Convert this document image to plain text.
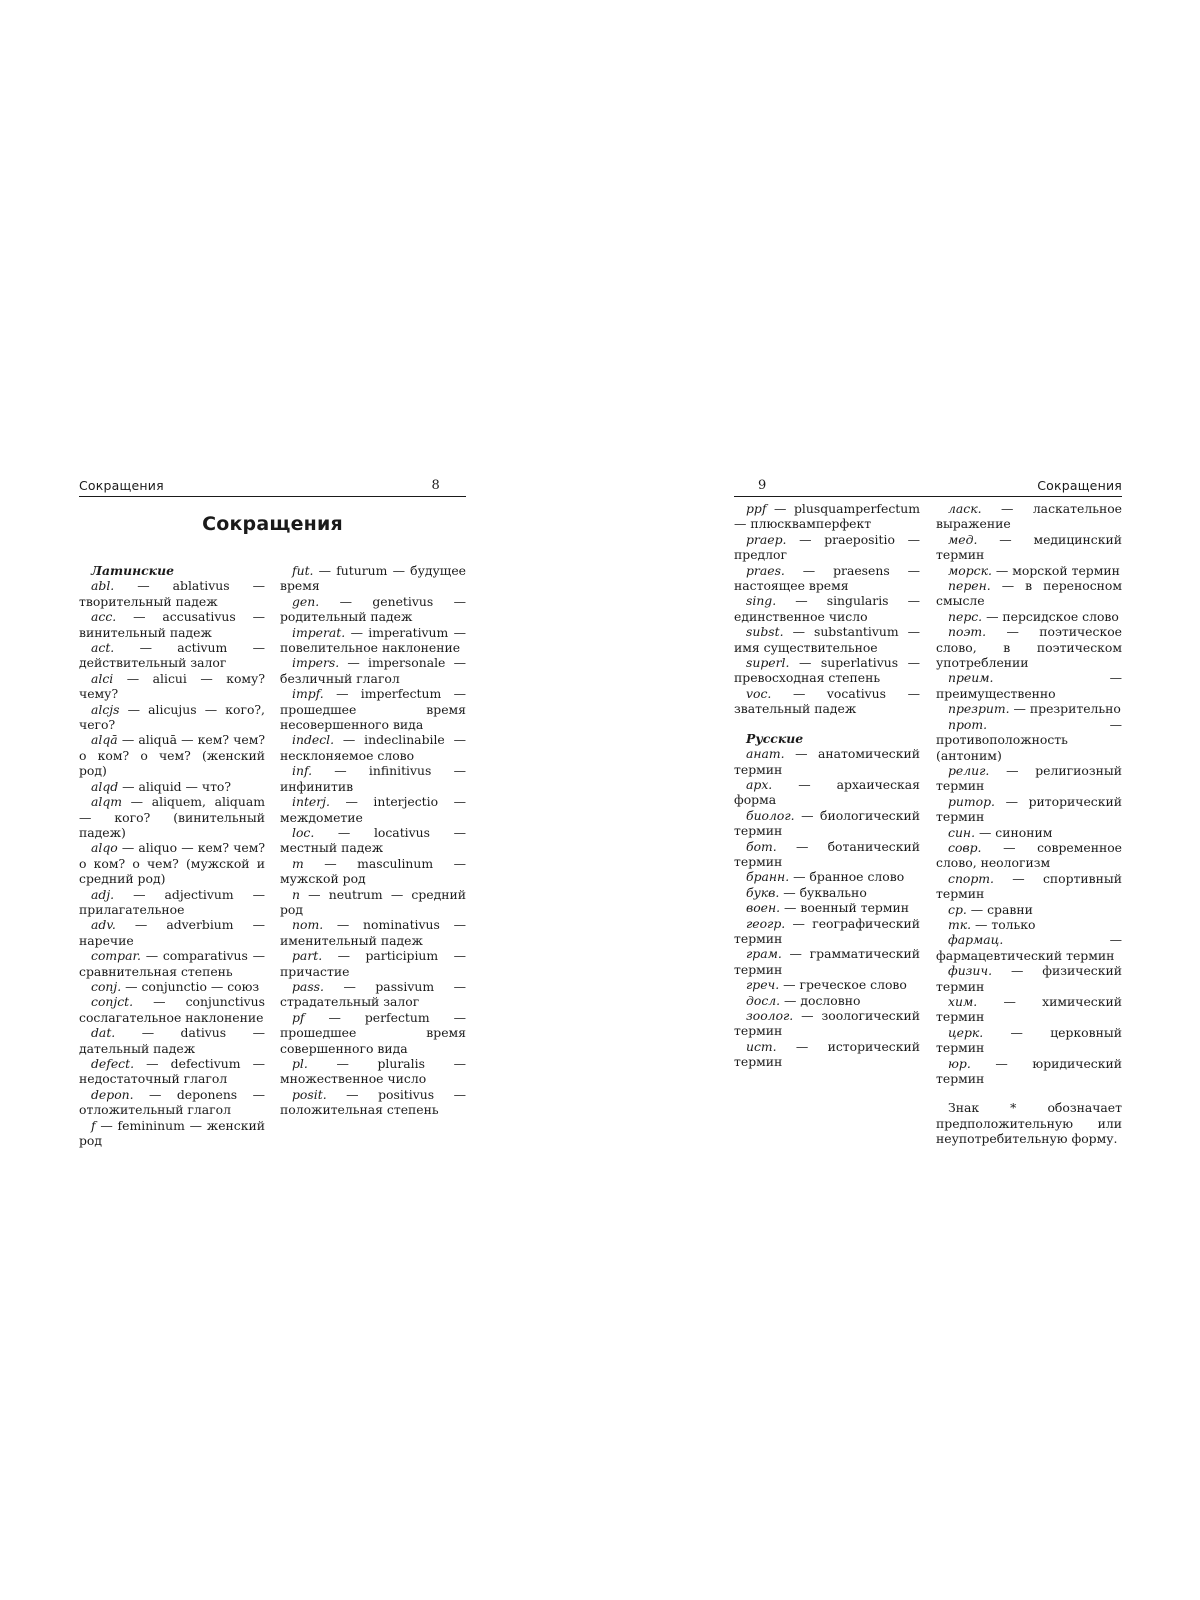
Сокращения	8
Сокращения
Латинские
abl. — ablativus — творительный падеж
acc. — accusativus — винительный падеж
act. — activum — действительный залог
alci — alicui — кому? чему?
alcjs — alicujus — кого?, чего?
alqā — aliquā — кем? чем? о ком? о чем? (женский род)
alqd — aliquid — что?
alqm — aliquem, aliquam — кого? (винительный падеж)
alqo — aliquo — кем? чем? о ком? о чем? (мужской и средний род)
adj. — adjectivum — прилагательное
adv. — adverbium — наречие
compar. — comparativus — сравнительная степень
conj. — conjunctio — союз
conjct. — conjunctivus сослагательное наклонение
dat. — dativus — дательный падеж
defect. — defectivum — недостаточный глагол
depon. — deponens — отложительный глагол
f — femininum — женский род
fut. — futurum — будущее время
gen. — genetivus — родительный падеж
imperat. — imperativum — повелительное наклонение
impers. — impersonale — безличный глагол
impf. — imperfectum — прошедшее время несовершенного вида
indecl. — indeclinabile — несклоняемое слово
inf. — infinitivus — инфинитив
interj. — interjectio — междометие
loc. — locativus — местный падеж
m — masculinum — мужской род
n — neutrum — средний род
nom. — nominativus — именительный падеж
part. — participium — причастие
pass. — passivum — страдательный залог
pf — perfectum — прошедшее время совершенного вида
pl. — pluralis — множественное число
posit. — positivus — положительная степень
9	Сокращения
ppf — plusquamperfectum — плюсквамперфект
praep. — praepositio — предлог
praes. — praesens — настоящее время
sing. — singularis — единственное число
subst. — substantivum — имя существительное
superl. — superlativus — превосходная степень
voc. — vocativus — звательный падеж
Русские
анат. — анатомический термин
арх. — архаическая форма
биолог. — биологический термин
бот. — ботанический термин
бранн. — бранное слово
букв. — буквально
воен. — военный термин
геогр. — географический термин
грам. — грамматический термин
греч. — греческое слово
досл. — дословно
зоолог. — зоологический термин
ист. — исторический термин
ласк. — ласкательное выражение
мед. — медицинский термин
морск. — морской термин
перен. — в переносном смысле
перс. — персидское слово
поэт. — поэтическое слово, в поэтическом употреблении
преим. — преимущественно
презрит. — презрительно
прот. — противоположность (антоним)
религ. — религиозный термин
ритор. — риторический термин
син. — синоним
совр. — современное слово, неологизм
спорт. — спортивный термин
ср. — сравни
тк. — только
фармац. — фармацевтический термин
физич. — физический термин
хим. — химический термин
церк. — церковный термин
юр. — юридический термин
Знак * обозначает предположительную или неупотребительную форму.
